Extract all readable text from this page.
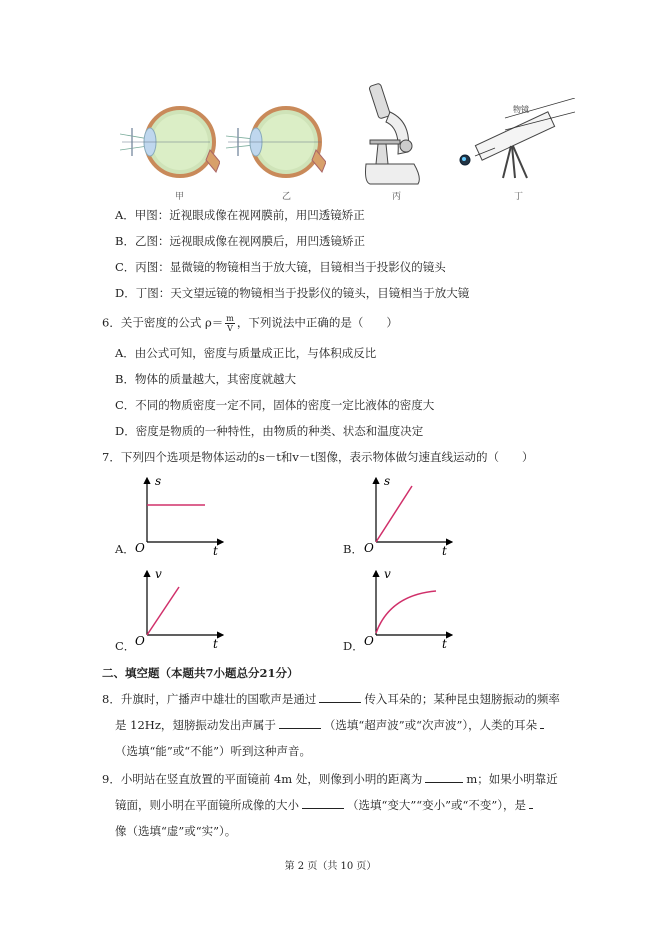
物镜
甲	乙	丙	丁
A．甲图：近视眼成像在视网膜前，用凹透镜矫正
B．乙图：远视眼成像在视网膜后，用凹透镜矫正
C．丙图：显微镜的物镜相当于放大镜，目镜相当于投影仪的镜头
D．丁图：天文望远镜的物镜相当于投影仪的镜头，目镜相当于放大镜
6．关于密度的公式 $\rho= \frac{m}{V}$ ，下列说法中正确的是（　　）
A．由公式可知，密度与质量成正比，与体积成反比
B．物体的质量越大，其密度就越大
C．不同的物质密度一定不同，固体的密度一定比液体的密度大
D．密度是物质的一种特性，由物质的种类、状态和温度决定
7．下列四个选项是物体运动的s－t和v－t图像，表示物体做匀速直线运动的（　　）
A．
s
t
O	B．
s
t
O
C．
v
t
O	D．
v
t
O
二、填空题（本题共7小题总分21分）
8．升旗时，广播声中雄壮的国歌声是通过	传入耳朵的；某种昆虫翅膀振动的频率
是 12Hz，翅膀振动发出声属于	（选填“超声波”或“次声波”），人类的耳朵
（选填“能”或“不能”）听到这种声音。
9．小明站在竖直放置的平面镜前 4m 处，则像到小明的距离为	m；如果小明靠近
镜面，则小明在平面镜所成像的大小	（选填“变大”“变小”或“不变”），是
像（选填“虚”或“实”）。
第 2 页（共 10 页）
